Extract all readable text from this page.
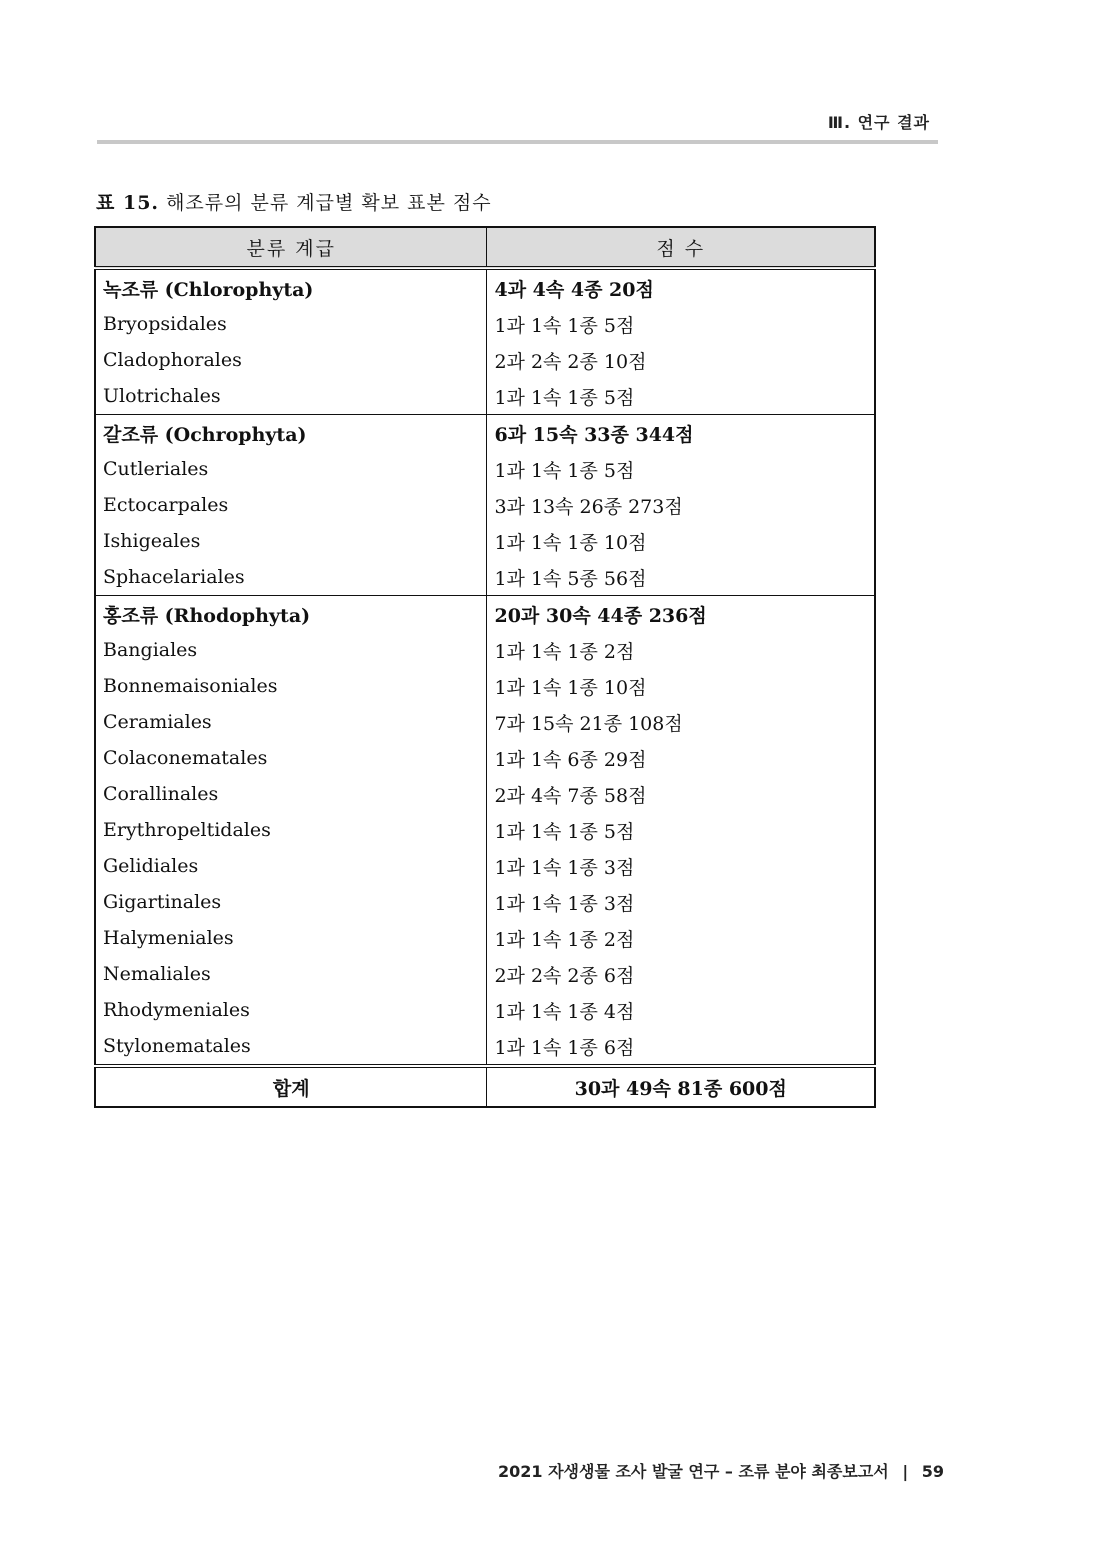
Ⅲ. 연구 결과
표 15. 해조류의 분류 계급별 확보 표본 점수
분류 계급	점 수
녹조류 (Chlorophyta)	4과 4속 4종 20점
Bryopsidales	1과 1속 1종 5점
Cladophorales	2과 2속 2종 10점
Ulotrichales	1과 1속 1종 5점
갈조류 (Ochrophyta)	6과 15속 33종 344점
Cutleriales	1과 1속 1종 5점
Ectocarpales	3과 13속 26종 273점
Ishigeales	1과 1속 1종 10점
Sphacelariales	1과 1속 5종 56점
홍조류 (Rhodophyta)	20과 30속 44종 236점
Bangiales	1과 1속 1종 2점
Bonnemaisoniales	1과 1속 1종 10점
Ceramiales	7과 15속 21종 108점
Colaconematales	1과 1속 6종 29점
Corallinales	2과 4속 7종 58점
Erythropeltidales	1과 1속 1종 5점
Gelidiales	1과 1속 1종 3점
Gigartinales	1과 1속 1종 3점
Halymeniales	1과 1속 1종 2점
Nemaliales	2과 2속 2종 6점
Rhodymeniales	1과 1속 1종 4점
Stylonematales	1과 1속 1종 6점
합계	30과 49속 81종 600점
2021 자생생물 조사 발굴 연구 – 조류 분야 최종보고서 | 59
